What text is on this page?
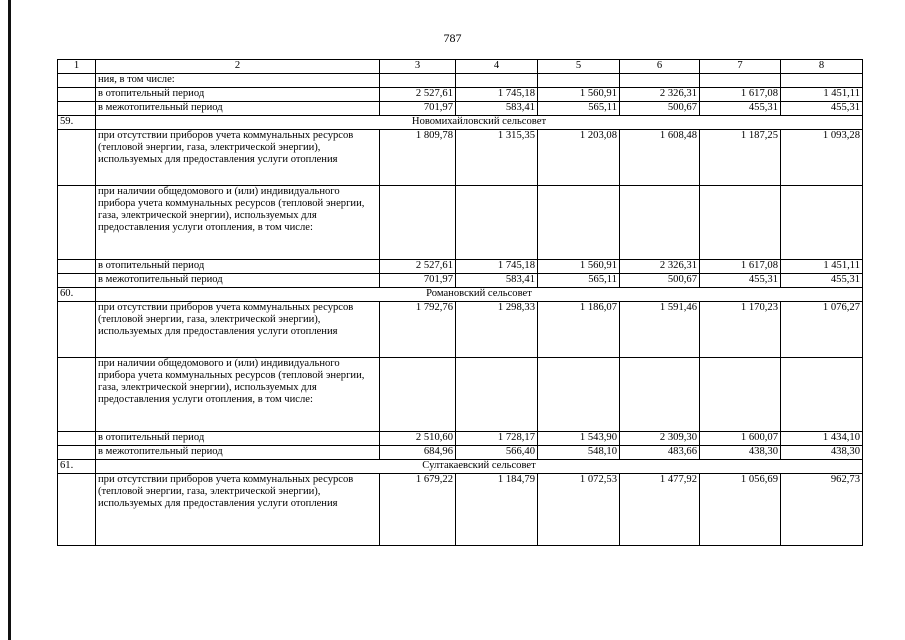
787
1	2	3	4	5	6	7	8
	ния, в том числе:						
	в отопительный период	2 527,61	1 745,18	1 560,91	2 326,31	1 617,08	1 451,11
	в межотопительный период	701,97	583,41	565,11	500,67	455,31	455,31
59.	Новомихайловский сельсовет						
	при отсутствии приборов учета коммунальных ресурсов (тепловой энергии, газа, электрической энергии), используемых для предоставления услуги отопления	1 809,78	1 315,35	1 203,08	1 608,48	1 187,25	1 093,28
	при наличии общедомового и (или) индивидуального прибора учета коммунальных ресурсов (тепловой энергии, газа, электрической энергии), используемых для предоставления услуги отопления, в том числе:						
	в отопительный период	2 527,61	1 745,18	1 560,91	2 326,31	1 617,08	1 451,11
	в межотопительный период	701,97	583,41	565,11	500,67	455,31	455,31
60.	Романовский сельсовет						
	при отсутствии приборов учета коммунальных ресурсов (тепловой энергии, газа, электрической энергии), используемых для предоставления услуги отопления	1 792,76	1 298,33	1 186,07	1 591,46	1 170,23	1 076,27
	при наличии общедомового и (или) индивидуального прибора учета коммунальных ресурсов (тепловой энергии, газа, электрической энергии), используемых для предоставления услуги отопления, в том числе:						
	в отопительный период	2 510,60	1 728,17	1 543,90	2 309,30	1 600,07	1 434,10
	в межотопительный период	684,96	566,40	548,10	483,66	438,30	438,30
61.	Султакаевский сельсовет						
	при отсутствии приборов учета коммунальных ресурсов (тепловой энергии, газа, электрической энергии), используемых для предоставления услуги отопления	1 679,22	1 184,79	1 072,53	1 477,92	1 056,69	962,73
